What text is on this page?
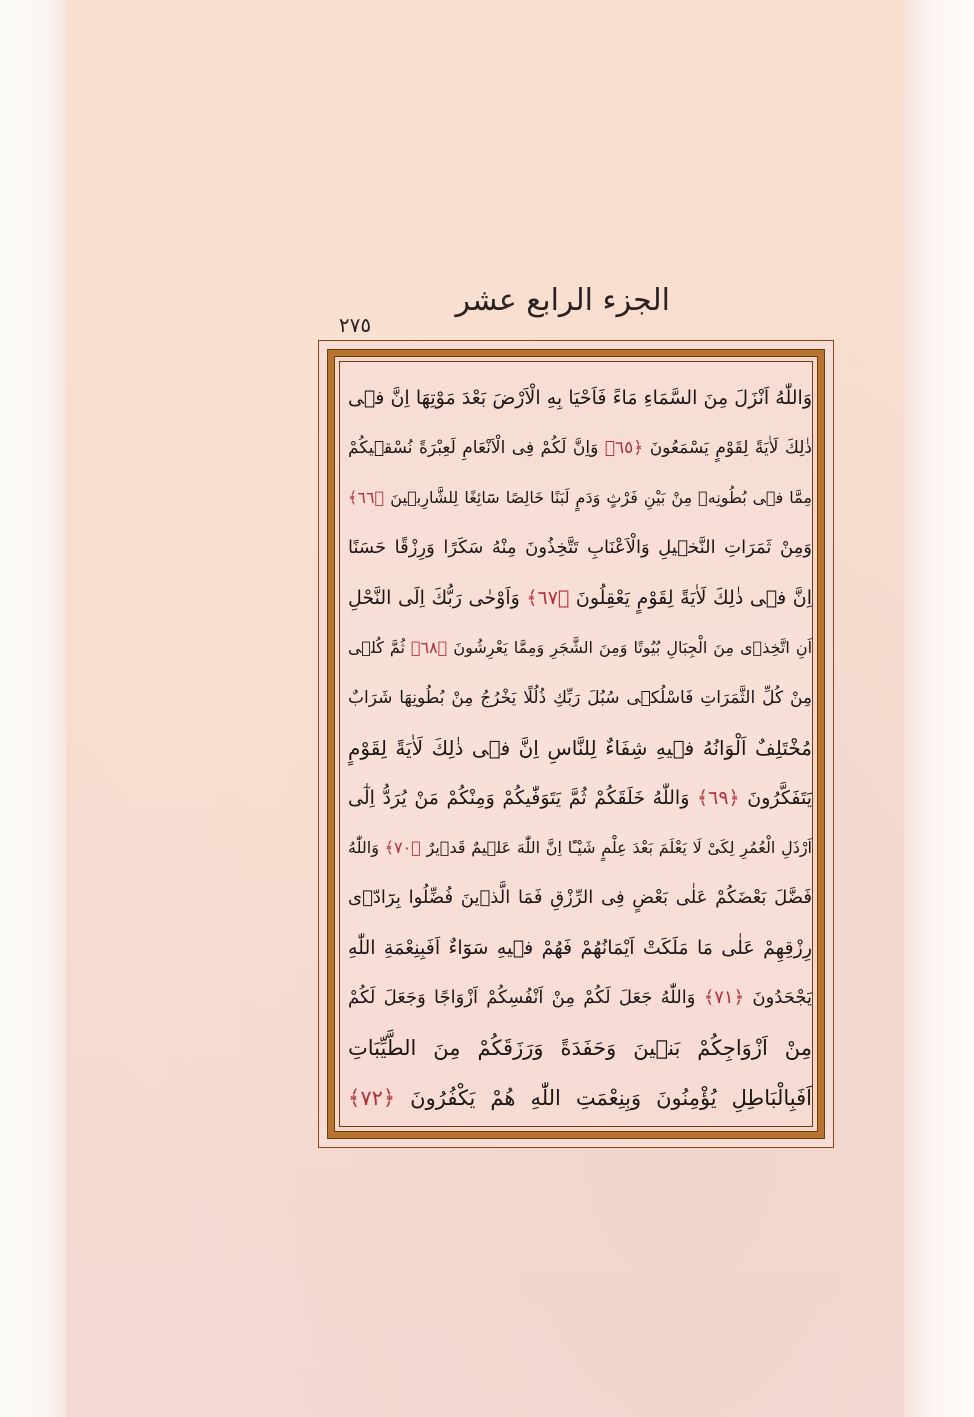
الجزء الرابع عشر
٢٧٥
وَاللّٰهُ اَنْزَلَ مِنَ السَّمَاءِ مَاءً فَاَحْيَا بِهِ الْاَرْضَ بَعْدَ مَوْتِهَا اِنَّ فٖى
ذٰلِكَ لَاٰيَةً لِقَوْمٍ يَسْمَعُونَ ﴿٦٥﴾ وَاِنَّ لَكُمْ فِى الْاَنْعَامِ لَعِبْرَةً نُسْقٖيكُمْ
مِمَّا فٖى بُطُونِهٖ مِنْ بَيْنِ فَرْثٍ وَدَمٍ لَبَنًا خَالِصًا سَٓائِغًا لِلشَّارِبٖينَ ﴿٦٦﴾
وَمِنْ ثَمَرَاتِ النَّخٖيلِ وَالْاَعْنَابِ تَتَّخِذُونَ مِنْهُ سَكَرًا وَرِزْقًا حَسَنًا
اِنَّ فٖى ذٰلِكَ لَاٰيَةً لِقَوْمٍ يَعْقِلُونَ ﴿٦٧﴾ وَاَوْحٰى رَبُّكَ اِلَى النَّحْلِ
اَنِ اتَّخِذٖى مِنَ الْجِبَالِ بُيُوتًا وَمِنَ الشَّجَرِ وَمِمَّا يَعْرِشُونَ ﴿٦٨﴾ ثُمَّ كُلٖى
مِنْ كُلِّ الثَّمَرَاتِ فَاسْلُكٖى سُبُلَ رَبِّكِ ذُلُلًا يَخْرُجُ مِنْ بُطُونِهَا شَرَابٌ
مُخْتَلِفٌ اَلْوَانُهُ فٖيهِ شِفَاءٌ لِلنَّاسِ اِنَّ فٖى ذٰلِكَ لَاٰيَةً لِقَوْمٍ
يَتَفَكَّرُونَ ﴿٦٩﴾ وَاللّٰهُ خَلَقَكُمْ ثُمَّ يَتَوَفّٰيكُمْ وَمِنْكُمْ مَنْ يُرَدُّ اِلٰٓى
اَرْذَلِ الْعُمُرِ لِكَىْ لَا يَعْلَمَ بَعْدَ عِلْمٍ شَيْـًٔا اِنَّ اللّٰهَ عَلٖيمٌ قَدٖيرٌ ﴿٧٠﴾ وَاللّٰهُ
فَضَّلَ بَعْضَكُمْ عَلٰى بَعْضٍ فِى الرِّزْقِ فَمَا الَّذٖينَ فُضِّلُوا بِرَٓادّٖى
رِزْقِهِمْ عَلٰى مَا مَلَكَتْ اَيْمَانُهُمْ فَهُمْ فٖيهِ سَوَٓاءٌ اَفَبِنِعْمَةِ اللّٰهِ
يَجْحَدُونَ ﴿٧١﴾ وَاللّٰهُ جَعَلَ لَكُمْ مِنْ اَنْفُسِكُمْ اَزْوَاجًا وَجَعَلَ لَكُمْ
مِنْ اَزْوَاجِكُمْ بَنٖينَ وَحَفَدَةً وَرَزَقَكُمْ مِنَ الطَّيِّبَاتِ
اَفَبِالْبَاطِلِ يُؤْمِنُونَ وَبِنِعْمَتِ اللّٰهِ هُمْ يَكْفُرُونَ ﴿٧٢﴾
